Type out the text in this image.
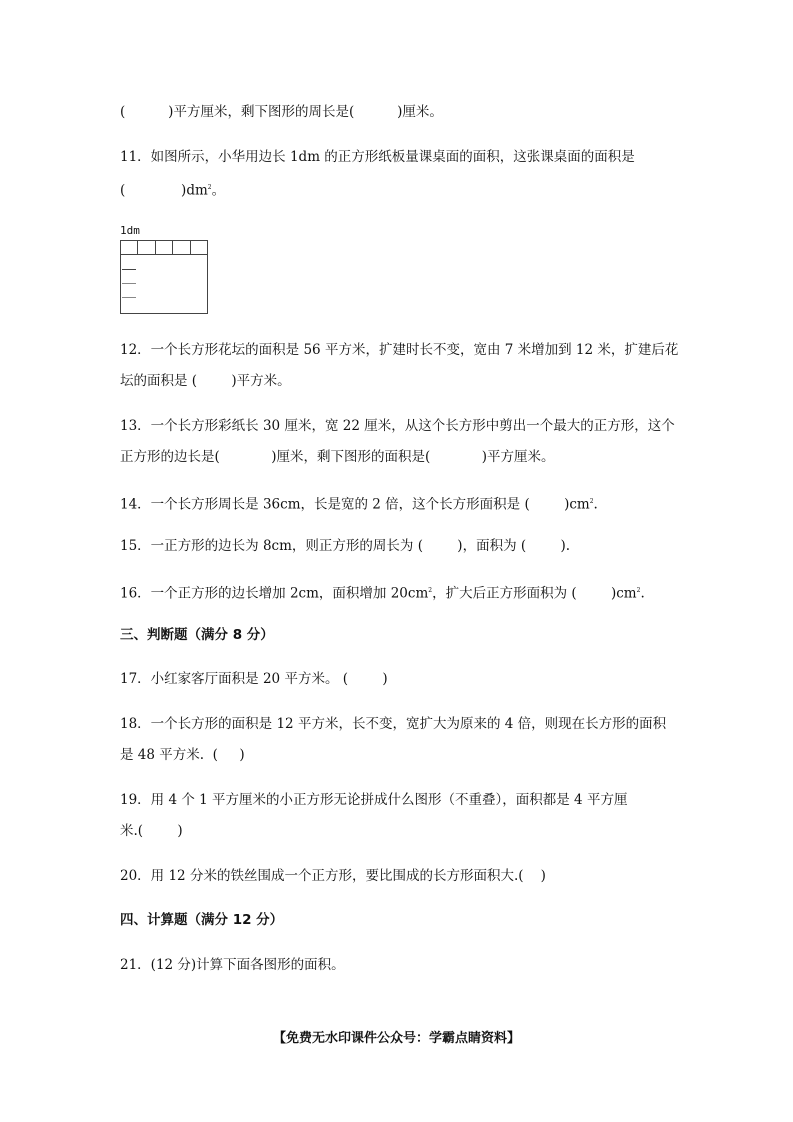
(          )平方厘米，剩下图形的周长是(          )厘米。
11．如图所示，小华用边长 1dm 的正方形纸板量课桌面的面积，这张课桌面的面积是
(             )$dm^2$。
1dm
12．一个长方形花坛的面积是 56 平方米，扩建时长不变，宽由 7 米增加到 12 米，扩建后花
坛的面积是 (        )平方米。
13．一个长方形彩纸长 30 厘米，宽 22 厘米，从这个长方形中剪出一个最大的正方形，这个
正方形的边长是(            )厘米，剩下图形的面积是(            )平方厘米。
14．一个长方形周长是 36cm，长是宽的 2 倍，这个长方形面积是 (        )$cm^2$.
15．一正方形的边长为 8cm，则正方形的周长为 (        )，面积为 (        ).
16．一个正方形的边长增加 2cm，面积增加 $20cm^2$，扩大后正方形面积为 (        )$cm^2$.
三、判断题（满分 8 分）
17．小红家客厅面积是 20 平方米。 (        )
18．一个长方形的面积是 12 平方米，长不变，宽扩大为原来的 4 倍，则现在长方形的面积
是 48 平方米.  (     )
19．用 4 个 1 平方厘米的小正方形无论拼成什么图形（不重叠），面积都是 4 平方厘
米.(        )
20．用 12 分米的铁丝围成一个正方形，要比围成的长方形面积大.(    )
四、计算题（满分 12 分）
21．(12 分)计算下面各图形的面积。
【免费无水印课件公众号：学霸点睛资料】
